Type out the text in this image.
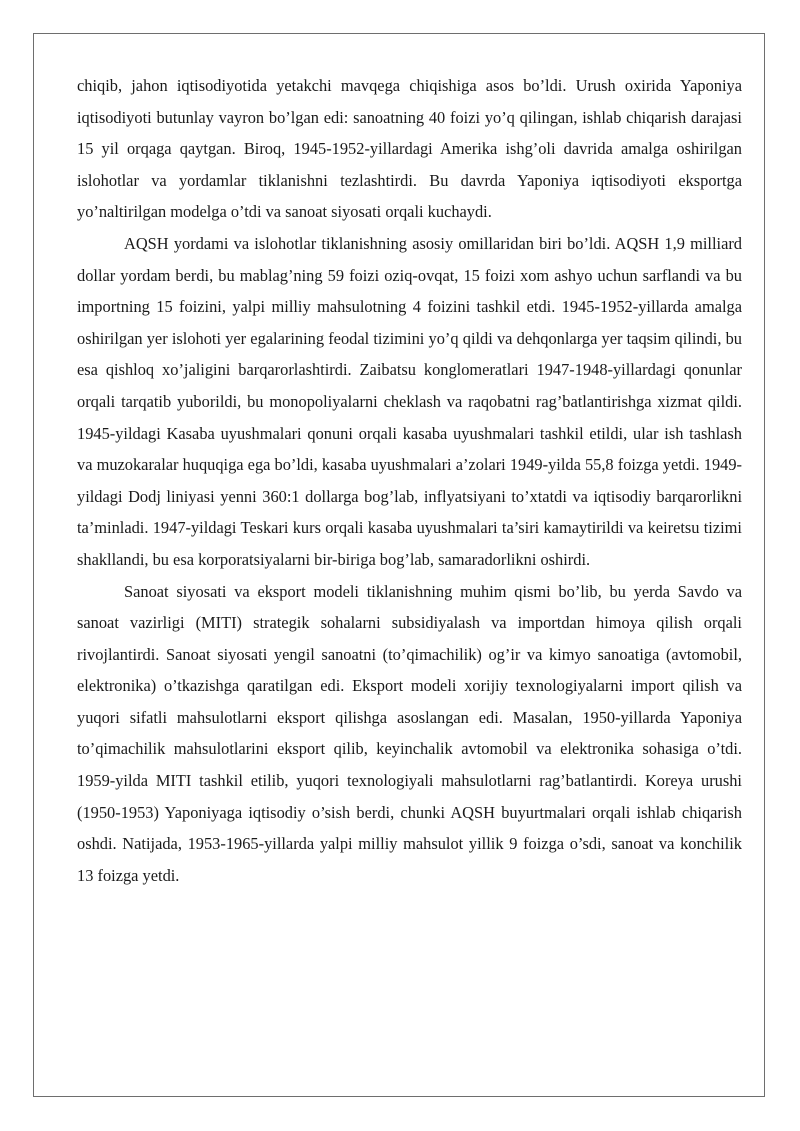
chiqib, jahon iqtisodiyotida yetakchi mavqega chiqishiga asos bo’ldi. Urush oxirida Yaponiya iqtisodiyoti butunlay vayron bo’lgan edi: sanoatning 40 foizi yo’q qilingan, ishlab chiqarish darajasi 15 yil orqaga qaytgan. Biroq, 1945-1952-yillardagi Amerika ishg’oli davrida amalga oshirilgan islohotlar va yordamlar tiklanishni tezlashtirdi. Bu davrda Yaponiya iqtisodiyoti eksportga yo’naltirilgan modelga o’tdi va sanoat siyosati orqali kuchaydi.

AQSH yordami va islohotlar tiklanishning asosiy omillaridan biri bo’ldi. AQSH 1,9 milliard dollar yordam berdi, bu mablag’ning 59 foizi oziq-ovqat, 15 foizi xom ashyo uchun sarflandi va bu importning 15 foizini, yalpi milliy mahsulotning 4 foizini tashkil etdi. 1945-1952-yillarda amalga oshirilgan yer islohoti yer egalarining feodal tizimini yo’q qildi va dehqonlarga yer taqsim qilindi, bu esa qishloq xo’jaligini barqarorlashtirdi. Zaibatsu konglomeratlari 1947-1948-yillardagi qonunlar orqali tarqatib yuborildi, bu monopoliyalarni cheklash va raqobatni rag’batlantirishga xizmat qildi. 1945-yildagi Kasaba uyushmalari qonuni orqali kasaba uyushmalari tashkil etildi, ular ish tashlash va muzokaralar huquqiga ega bo’ldi, kasaba uyushmalari a’zolari 1949-yilda 55,8 foizga yetdi. 1949-yildagi Dodj liniyasi yenni 360:1 dollarga bog’lab, inflyatsiyani to’xtatdi va iqtisodiy barqarorlikni ta’minladi. 1947-yildagi Teskari kurs orqali kasaba uyushmalari ta’siri kamaytirildi va keiretsu tizimi shakllandi, bu esa korporatsiyalarni bir-biriga bog’lab, samaradorlikni oshirdi.

Sanoat siyosati va eksport modeli tiklanishning muhim qismi bo’lib, bu yerda Savdo va sanoat vazirligi (MITI) strategik sohalarni subsidiyalash va importdan himoya qilish orqali rivojlantirdi. Sanoat siyosati yengil sanoatni (to’qimachilik) og’ir va kimyo sanoatiga (avtomobil, elektronika) o’tkazishga qaratilgan edi. Eksport modeli xorijiy texnologiyalarni import qilish va yuqori sifatli mahsulotlarni eksport qilishga asoslangan edi. Masalan, 1950-yillarda Yaponiya to’qimachilik mahsulotlarini eksport qilib, keyinchalik avtomobil va elektronika sohasiga o’tdi. 1959-yilda MITI tashkil etilib, yuqori texnologiyali mahsulotlarni rag’batlantirdi. Koreya urushi (1950-1953) Yaponiyaga iqtisodiy o’sish berdi, chunki AQSH buyurtmalari orqali ishlab chiqarish oshdi. Natijada, 1953-1965-yillarda yalpi milliy mahsulot yillik 9 foizga o’sdi, sanoat va konchilik 13 foizga yetdi.
